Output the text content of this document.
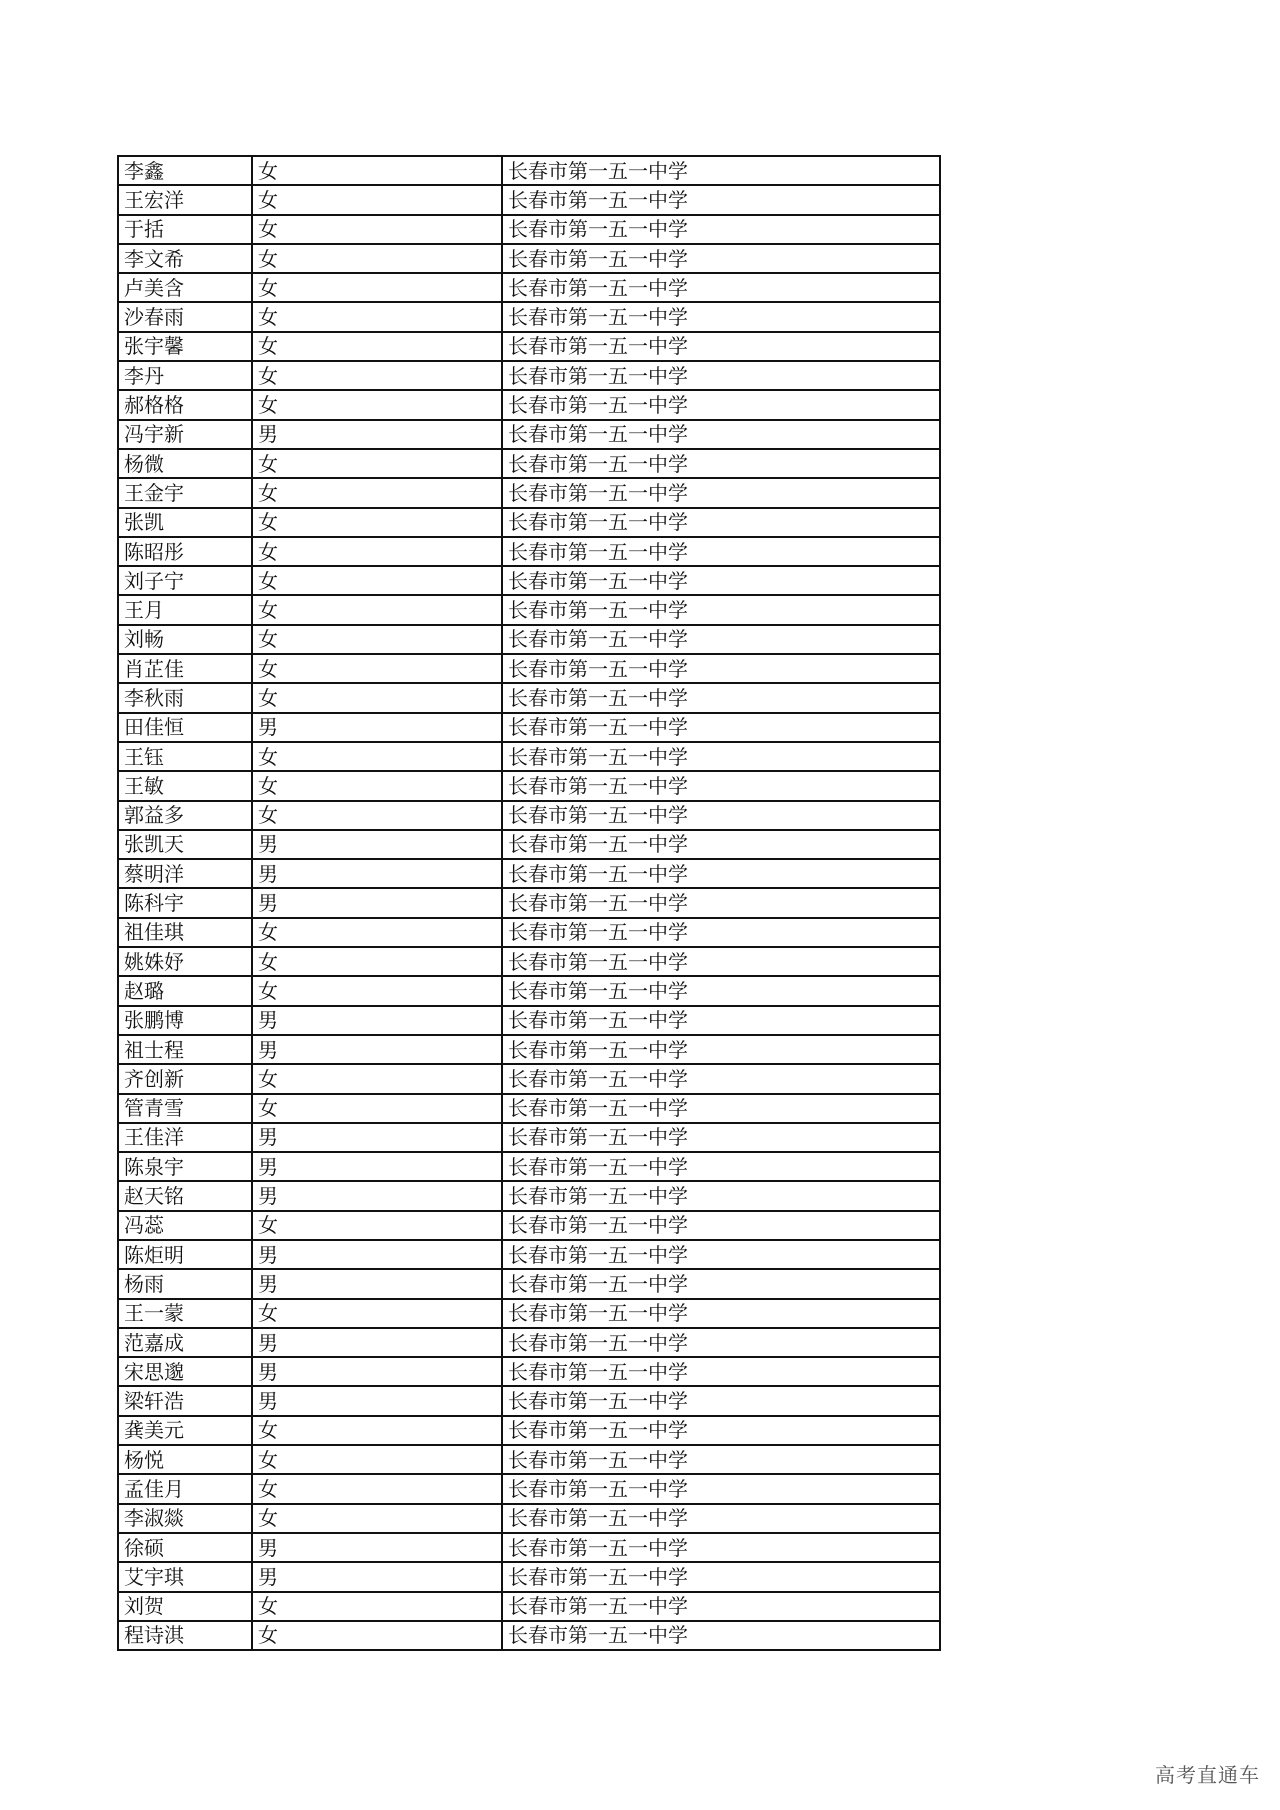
李鑫	女	长春市第一五一中学
王宏洋	女	长春市第一五一中学
于括	女	长春市第一五一中学
李文希	女	长春市第一五一中学
卢美含	女	长春市第一五一中学
沙春雨	女	长春市第一五一中学
张宇馨	女	长春市第一五一中学
李丹	女	长春市第一五一中学
郝格格	女	长春市第一五一中学
冯宇新	男	长春市第一五一中学
杨微	女	长春市第一五一中学
王金宇	女	长春市第一五一中学
张凯	女	长春市第一五一中学
陈昭彤	女	长春市第一五一中学
刘子宁	女	长春市第一五一中学
王月	女	长春市第一五一中学
刘畅	女	长春市第一五一中学
肖芷佳	女	长春市第一五一中学
李秋雨	女	长春市第一五一中学
田佳恒	男	长春市第一五一中学
王钰	女	长春市第一五一中学
王敏	女	长春市第一五一中学
郭益多	女	长春市第一五一中学
张凯天	男	长春市第一五一中学
蔡明洋	男	长春市第一五一中学
陈科宇	男	长春市第一五一中学
祖佳琪	女	长春市第一五一中学
姚姝妤	女	长春市第一五一中学
赵璐	女	长春市第一五一中学
张鹏博	男	长春市第一五一中学
祖士程	男	长春市第一五一中学
齐创新	女	长春市第一五一中学
管青雪	女	长春市第一五一中学
王佳洋	男	长春市第一五一中学
陈泉宇	男	长春市第一五一中学
赵天铭	男	长春市第一五一中学
冯蕊	女	长春市第一五一中学
陈炬明	男	长春市第一五一中学
杨雨	男	长春市第一五一中学
王一蒙	女	长春市第一五一中学
范嘉成	男	长春市第一五一中学
宋思邈	男	长春市第一五一中学
梁轩浩	男	长春市第一五一中学
龚美元	女	长春市第一五一中学
杨悦	女	长春市第一五一中学
孟佳月	女	长春市第一五一中学
李淑燚	女	长春市第一五一中学
徐硕	男	长春市第一五一中学
艾宇琪	男	长春市第一五一中学
刘贺	女	长春市第一五一中学
程诗淇	女	长春市第一五一中学
高考直通车
